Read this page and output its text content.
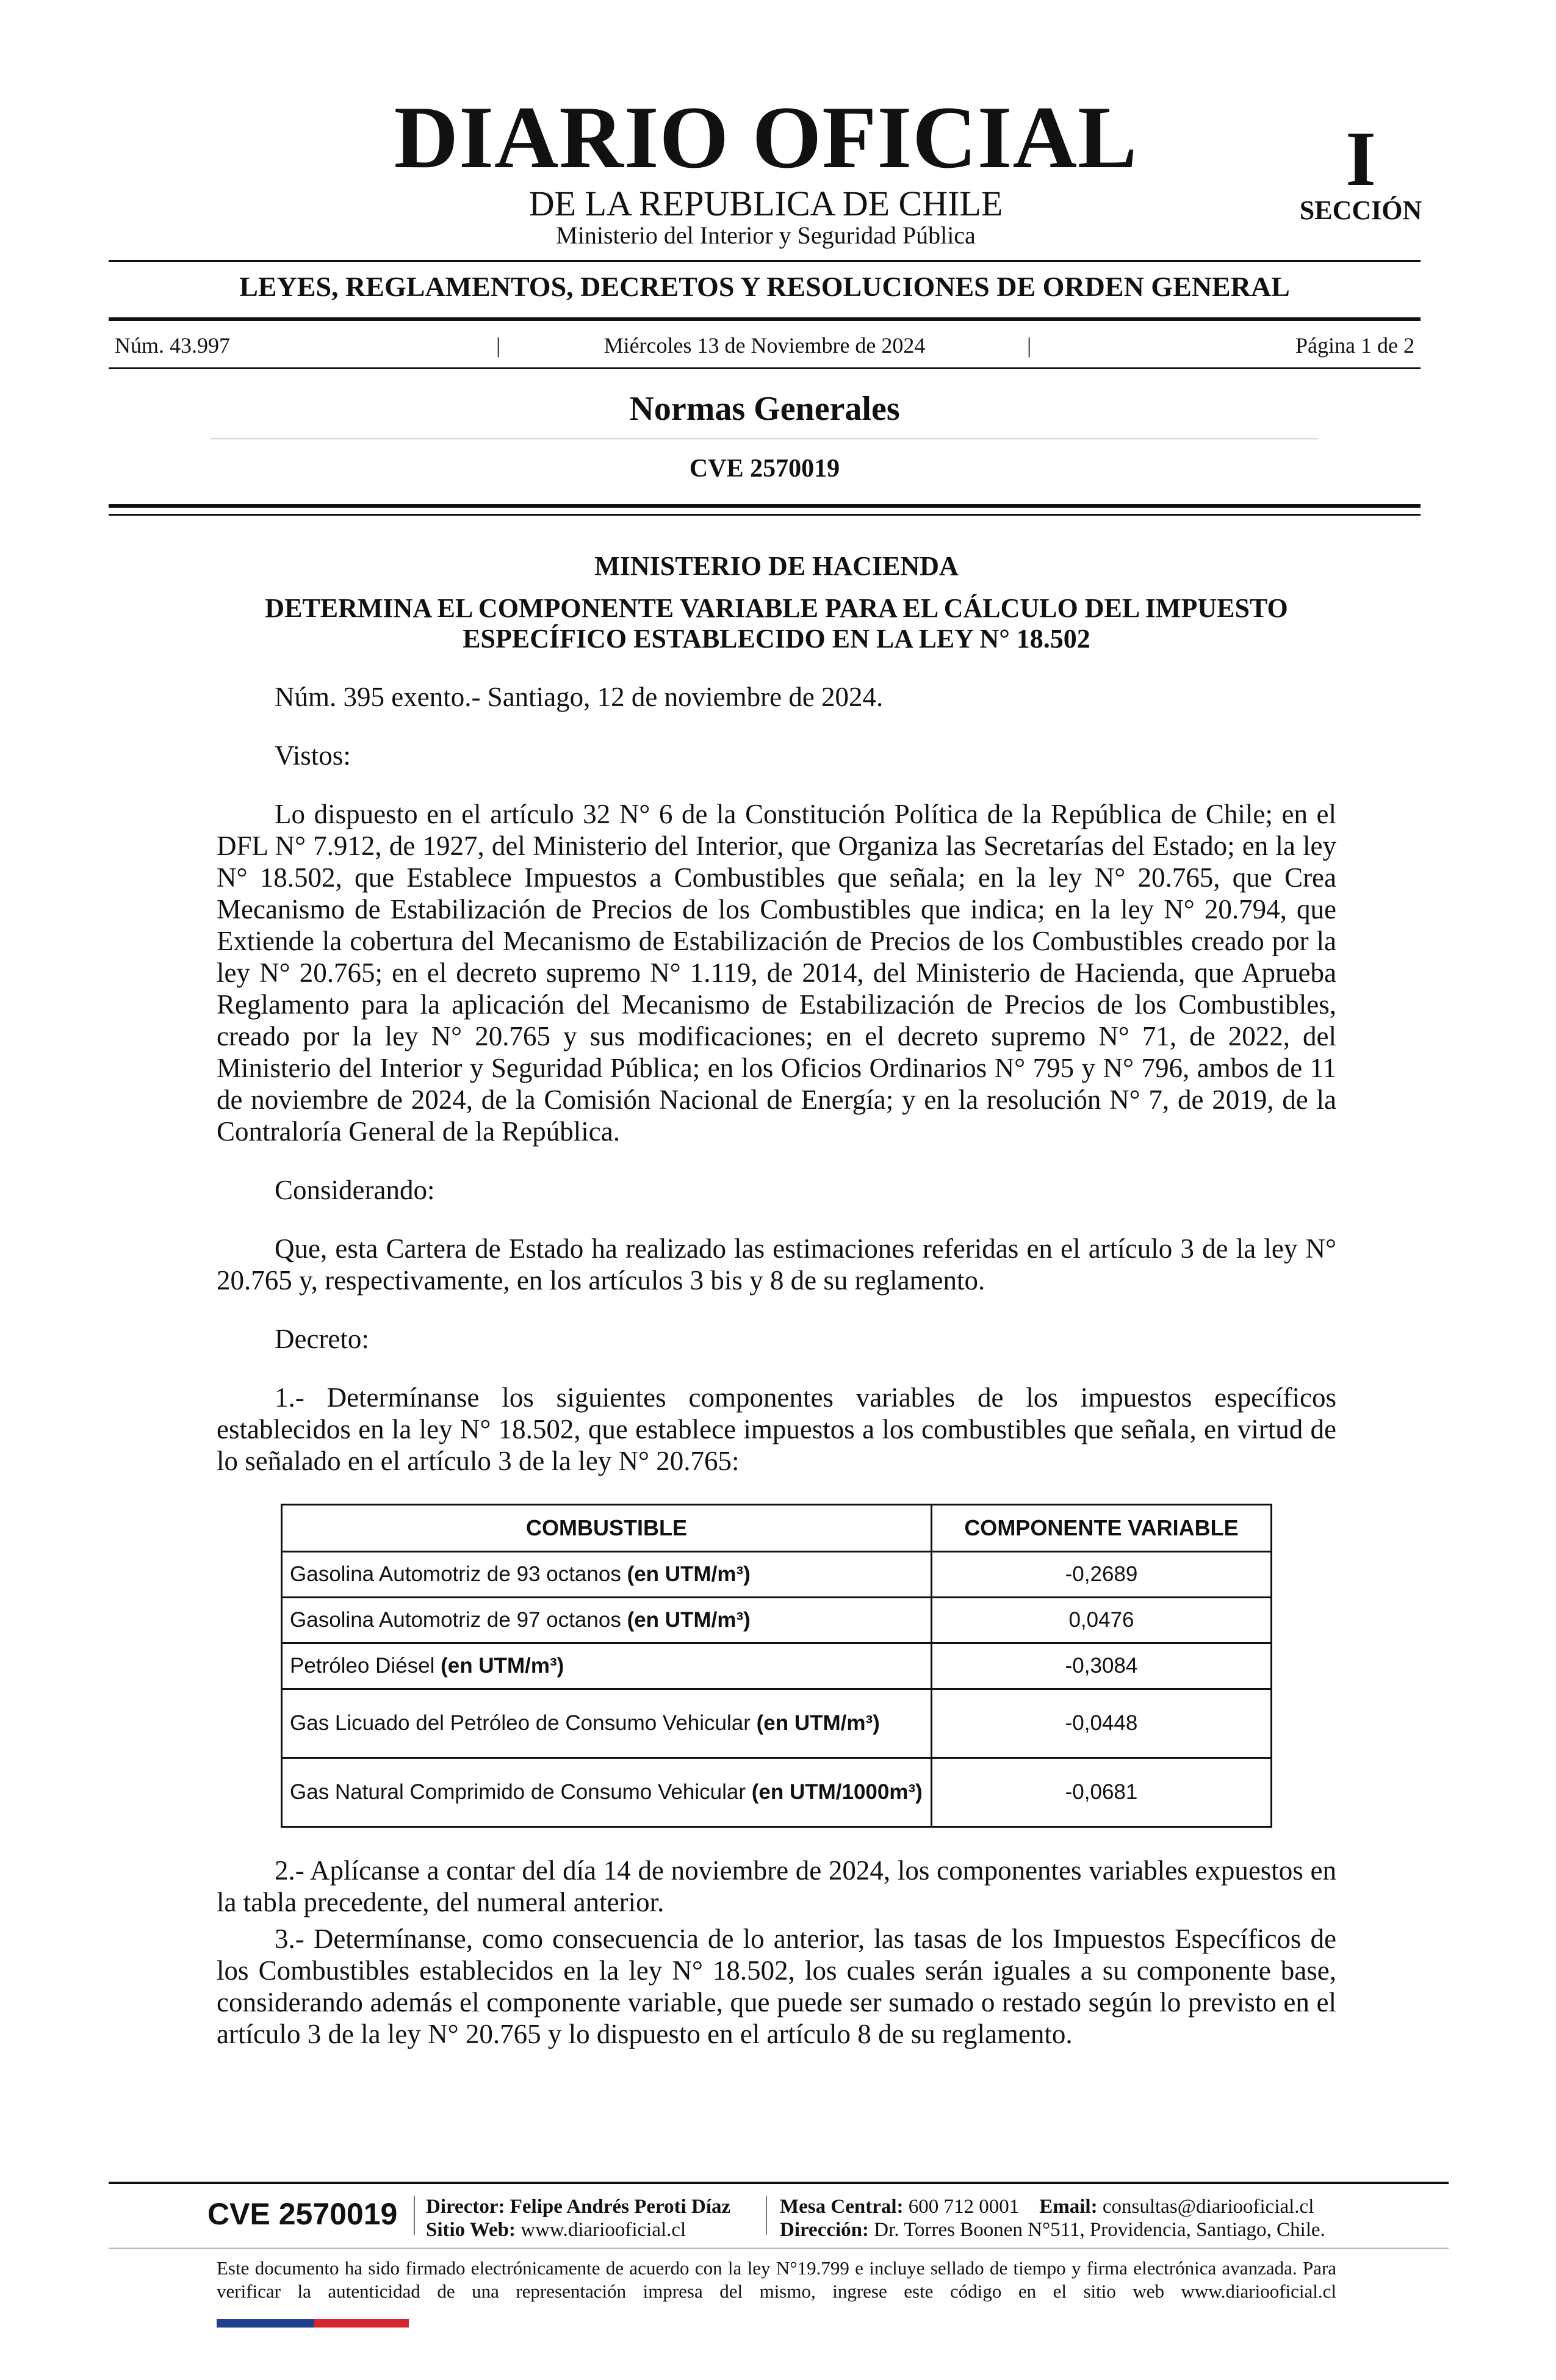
DIARIO OFICIAL
DE LA REPUBLICA DE CHILE
Ministerio del Interior y Seguridad Pública
I
SECCIÓN
LEYES, REGLAMENTOS, DECRETOS Y RESOLUCIONES DE ORDEN GENERAL
Núm. 43.997	|	Miércoles 13 de Noviembre de 2024	|	Página 1 de 2
Normas Generales
CVE 2570019
MINISTERIO DE HACIENDA
DETERMINA EL COMPONENTE VARIABLE PARA EL CÁLCULO DEL IMPUESTO
ESPECÍFICO ESTABLECIDO EN LA LEY N° 18.502

Núm. 395 exento.- Santiago, 12 de noviembre de 2024.

Vistos:

Lo dispuesto en el artículo 32 N° 6 de la Constitución Política de la República de Chile; en el DFL N° 7.912, de 1927, del Ministerio del Interior, que Organiza las Secretarías del Estado; en la ley N° 18.502, que Establece Impuestos a Combustibles que señala; en la ley N° 20.765, que Crea Mecanismo de Estabilización de Precios de los Combustibles que indica; en la ley N° 20.794, que Extiende la cobertura del Mecanismo de Estabilización de Precios de los Combustibles creado por la ley N° 20.765; en el decreto supremo N° 1.119, de 2014, del Ministerio de Hacienda, que Aprueba Reglamento para la aplicación del Mecanismo de Estabilización de Precios de los Combustibles, creado por la ley N° 20.765 y sus modificaciones; en el decreto supremo N° 71, de 2022, del Ministerio del Interior y Seguridad Pública; en los Oficios Ordinarios N° 795 y N° 796, ambos de 11 de noviembre de 2024, de la Comisión Nacional de Energía; y en la resolución N° 7, de 2019, de la Contraloría General de la República.

Considerando:

Que, esta Cartera de Estado ha realizado las estimaciones referidas en el artículo 3 de la ley N° 20.765 y, respectivamente, en los artículos 3 bis y 8 de su reglamento.

Decreto:

1.- Determínanse los siguientes componentes variables de los impuestos específicos establecidos en la ley N° 18.502, que establece impuestos a los combustibles que señala, en virtud de lo señalado en el artículo 3 de la ley N° 20.765:

COMBUSTIBLE	COMPONENTE VARIABLE
Gasolina Automotriz de 93 octanos (en UTM/m³)	-0,2689
Gasolina Automotriz de 97 octanos (en UTM/m³)	0,0476
Petróleo Diésel (en UTM/m³)	-0,3084
Gas Licuado del Petróleo de Consumo Vehicular (en UTM/m³)	-0,0448
Gas Natural Comprimido de Consumo Vehicular (en UTM/1000m³)	-0,0681

2.- Aplícanse a contar del día 14 de noviembre de 2024, los componentes variables expuestos en la tabla precedente, del numeral anterior.

3.- Determínanse, como consecuencia de lo anterior, las tasas de los Impuestos Específicos de los Combustibles establecidos en la ley N° 18.502, los cuales serán iguales a su componente base, considerando además el componente variable, que puede ser sumado o restado según lo previsto en el artículo 3 de la ley N° 20.765 y lo dispuesto en el artículo 8 de su reglamento.

CVE 2570019 Director: Felipe Andrés Peroti Díaz
Sitio Web: www.diariooficial.cl
Mesa Central: 600 712 0001 Email: consultas@diariooficial.cl
Dirección: Dr. Torres Boonen N°511, Providencia, Santiago, Chile.
Este documento ha sido firmado electrónicamente de acuerdo con la ley N°19.799 e incluye sellado de tiempo y firma electrónica avanzada. Para verificar la autenticidad de una representación impresa del mismo, ingrese este código en el sitio web www.diariooficial.cl
